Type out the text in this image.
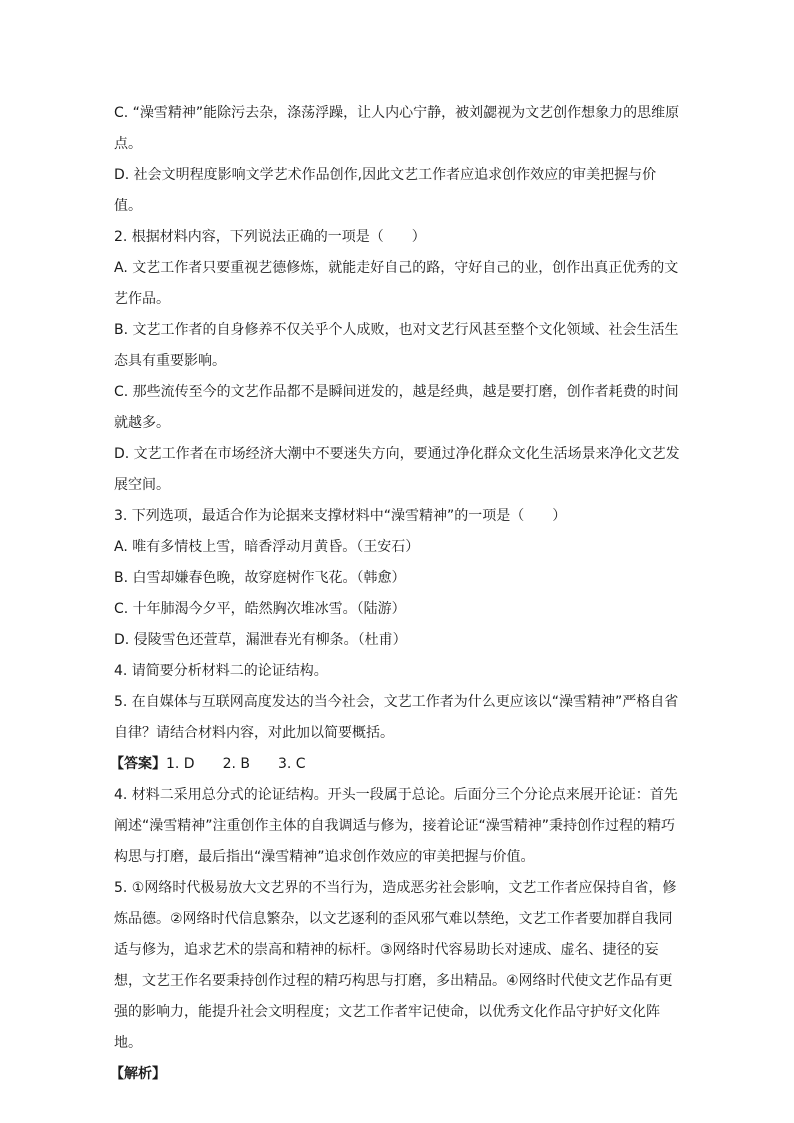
C. “澡雪精神”能除污去杂，涤荡浮躁，让人内心宁静，被刘勰视为文艺创作想象力的思维原点。

D. 社会文明程度影响文学艺术作品创作,因此文艺工作者应追求创作效应的审美把握与价值。

2. 根据材料内容，下列说法正确的一项是（　　）

A. 文艺工作者只要重视艺德修炼，就能走好自己的路，守好自己的业，创作出真正优秀的文艺作品。

B. 文艺工作者的自身修养不仅关乎个人成败，也对文艺行风甚至整个文化领域、社会生活生态具有重要影响。

C. 那些流传至今的文艺作品都不是瞬间迸发的，越是经典，越是要打磨，创作者耗费的时间就越多。

D. 文艺工作者在市场经济大潮中不要迷失方向，要通过净化群众文化生活场景来净化文艺发展空间。

3. 下列选项，最适合作为论据来支撑材料中“澡雪精神”的一项是（　　）

A. 唯有多情枝上雪，暗香浮动月黄昏。（王安石）

B. 白雪却嫌春色晚，故穿庭树作飞花。（韩愈）

C. 十年肺渴今夕平，皓然胸次堆冰雪。（陆游）

D. 侵陵雪色还萱草，漏泄春光有柳条。（杜甫）

4. 请简要分析材料二的论证结构。

5. 在自媒体与互联网高度发达的当今社会，文艺工作者为什么更应该以“澡雪精神”严格自省自律？请结合材料内容，对此加以简要概括。

【答案】1. D　　2. B　　3. C

4. 材料二采用总分式的论证结构。开头一段属于总论。后面分三个分论点来展开论证：首先阐述“澡雪精神”注重创作主体的自我调适与修为，接着论证“澡雪精神”秉持创作过程的精巧构思与打磨，最后指出“澡雪精神”追求创作效应的审美把握与价值。

5. ①网络时代极易放大文艺界的不当行为，造成恶劣社会影响，文艺工作者应保持自省，修炼品德。②网络时代信息繁杂，以文艺逐利的歪风邪气难以禁绝，文艺工作者要加群自我同适与修为，追求艺术的崇高和精神的标杆。③网络时代容易助长对速成、虚名、捷径的妄想，文艺王作名要秉持创作过程的精巧构思与打磨，多出精品。④网络时代使文艺作品有更强的影响力，能提升社会文明程度；文艺工作者牢记使命，以优秀文化作品守护好文化阵地。

【解析】
